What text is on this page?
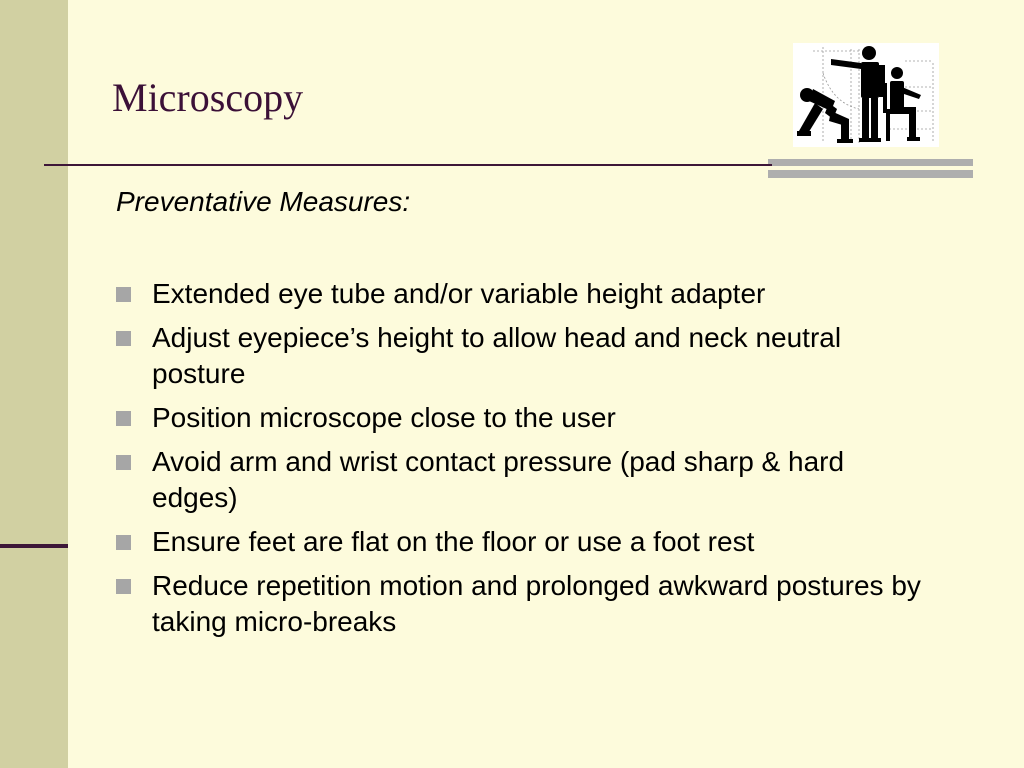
Microscopy
Preventative Measures:
Extended eye tube and/or variable height adapter
Adjust eyepiece’s height to allow head and neck neutral posture
Position microscope close to the user
Avoid arm and wrist contact pressure (pad sharp & hard edges)
Ensure feet are flat on the floor or use a foot rest
Reduce repetition motion and prolonged awkward postures by taking micro-breaks
